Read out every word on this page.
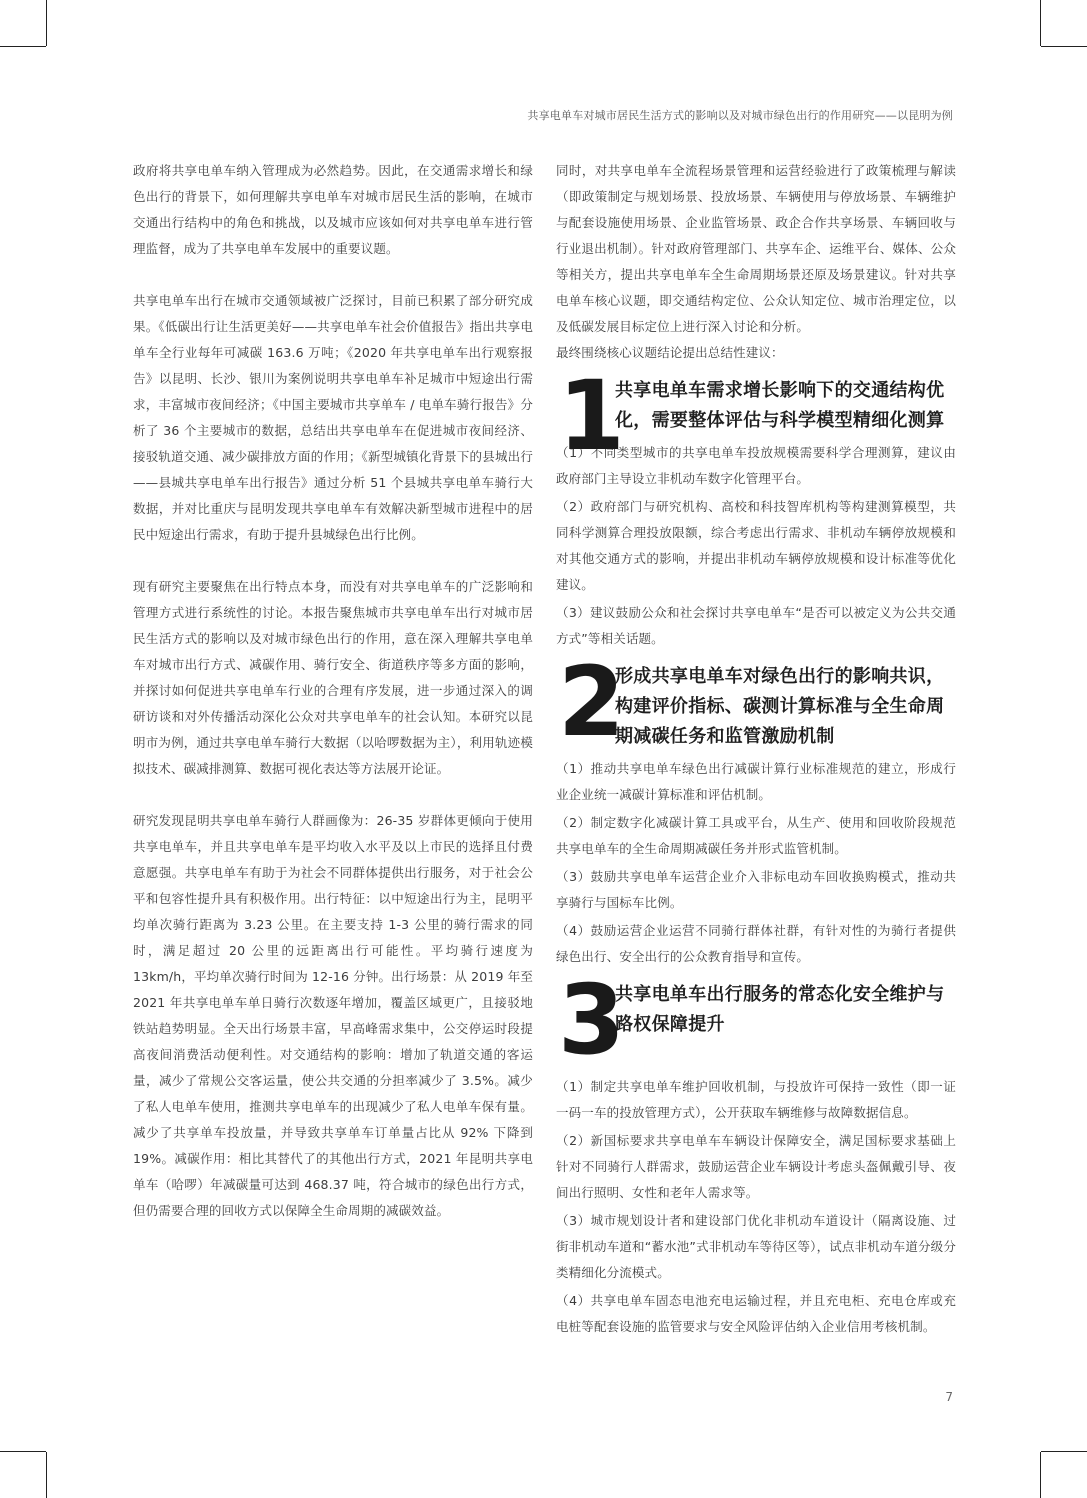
共享电单车对城市居民生活方式的影响以及对城市绿色出行的作用研究——以昆明为例

政府将共享电单车纳入管理成为必然趋势。因此，在交通需求增长和绿色出行的背景下，如何理解共享电单车对城市居民生活的影响，在城市交通出行结构中的角色和挑战，以及城市应该如何对共享电单车进行管理监督，成为了共享电单车发展中的重要议题。

共享电单车出行在城市交通领域被广泛探讨，目前已积累了部分研究成果。《低碳出行让生活更美好——共享电单车社会价值报告》指出共享电单车全行业每年可减碳 163.6 万吨；《2020 年共享电单车出行观察报告》以昆明、长沙、银川为案例说明共享电单车补足城市中短途出行需求，丰富城市夜间经济；《中国主要城市共享单车 / 电单车骑行报告》分析了 36 个主要城市的数据，总结出共享电单车在促进城市夜间经济、接驳轨道交通、减少碳排放方面的作用；《新型城镇化背景下的县城出行——县城共享电单车出行报告》通过分析 51 个县城共享电单车骑行大数据，并对比重庆与昆明发现共享电单车有效解决新型城市进程中的居民中短途出行需求，有助于提升县城绿色出行比例。

现有研究主要聚焦在出行特点本身，而没有对共享电单车的广泛影响和管理方式进行系统性的讨论。本报告聚焦城市共享电单车出行对城市居民生活方式的影响以及对城市绿色出行的作用，意在深入理解共享电单车对城市出行方式、减碳作用、骑行安全、街道秩序等多方面的影响，并探讨如何促进共享电单车行业的合理有序发展，进一步通过深入的调研访谈和对外传播活动深化公众对共享电单车的社会认知。本研究以昆明市为例，通过共享电单车骑行大数据（以哈啰数据为主），利用轨迹模拟技术、碳减排测算、数据可视化表达等方法展开论证。

研究发现昆明共享电单车骑行人群画像为：26-35 岁群体更倾向于使用共享电单车，并且共享电单车是平均收入水平及以上市民的选择且付费意愿强。共享电单车有助于为社会不同群体提供出行服务，对于社会公平和包容性提升具有积极作用。出行特征：以中短途出行为主，昆明平均单次骑行距离为 3.23 公里。在主要支持 1-3 公里的骑行需求的同时，满足超过 20 公里的远距离出行可能性。平均骑行速度为 13km/h，平均单次骑行时间为 12-16 分钟。出行场景：从 2019 年至 2021 年共享电单车单日骑行次数逐年增加，覆盖区域更广，且接驳地铁站趋势明显。全天出行场景丰富，早高峰需求集中，公交停运时段提高夜间消费活动便利性。对交通结构的影响：增加了轨道交通的客运量，减少了常规公交客运量，使公共交通的分担率减少了 3.5%。减少了私人电单车使用，推测共享电单车的出现减少了私人电单车保有量。减少了共享单车投放量，并导致共享单车订单量占比从 92% 下降到 19%。减碳作用：相比其替代了的其他出行方式，2021 年昆明共享电单车（哈啰）年减碳量可达到 468.37 吨，符合城市的绿色出行方式，但仍需要合理的回收方式以保障全生命周期的减碳效益。

同时，对共享电单车全流程场景管理和运营经验进行了政策梳理与解读（即政策制定与规划场景、投放场景、车辆使用与停放场景、车辆维护与配套设施使用场景、企业监管场景、政企合作共享场景、车辆回收与行业退出机制）。针对政府管理部门、共享车企、运维平台、媒体、公众等相关方，提出共享电单车全生命周期场景还原及场景建议。针对共享电单车核心议题，即交通结构定位、公众认知定位、城市治理定位，以及低碳发展目标定位上进行深入讨论和分析。

最终围绕核心议题结论提出总结性建议：

1
共享电单车需求增长影响下的交通结构优化，需要整体评估与科学模型精细化测算

（1）不同类型城市的共享电单车投放规模需要科学合理测算，建议由政府部门主导设立非机动车数字化管理平台。

（2）政府部门与研究机构、高校和科技智库机构等构建测算模型，共同科学测算合理投放限额，综合考虑出行需求、非机动车辆停放规模和对其他交通方式的影响，并提出非机动车辆停放规模和设计标准等优化建议。

（3）建议鼓励公众和社会探讨共享电单车“是否可以被定义为公共交通方式”等相关话题。

2
形成共享电单车对绿色出行的影响共识，构建评价指标、碳测计算标准与全生命周期减碳任务和监管激励机制

（1）推动共享电单车绿色出行减碳计算行业标准规范的建立，形成行业企业统一减碳计算标准和评估机制。

（2）制定数字化减碳计算工具或平台，从生产、使用和回收阶段规范共享电单车的全生命周期减碳任务并形式监管机制。

（3）鼓励共享电单车运营企业介入非标电动车回收换购模式，推动共享骑行与国标车比例。

（4）鼓励运营企业运营不同骑行群体社群，有针对性的为骑行者提供绿色出行、安全出行的公众教育指导和宣传。

3
共享电单车出行服务的常态化安全维护与路权保障提升

（1）制定共享电单车维护回收机制，与投放许可保持一致性（即一证一码一车的投放管理方式），公开获取车辆维修与故障数据信息。

（2）新国标要求共享电单车车辆设计保障安全，满足国标要求基础上针对不同骑行人群需求，鼓励运营企业车辆设计考虑头盔佩戴引导、夜间出行照明、女性和老年人需求等。

（3）城市规划设计者和建设部门优化非机动车道设计（隔离设施、过街非机动车道和“蓄水池”式非机动车等待区等），试点非机动车道分级分类精细化分流模式。

（4）共享电单车固态电池充电运输过程，并且充电柜、充电仓库或充电桩等配套设施的监管要求与安全风险评估纳入企业信用考核机制。

7
